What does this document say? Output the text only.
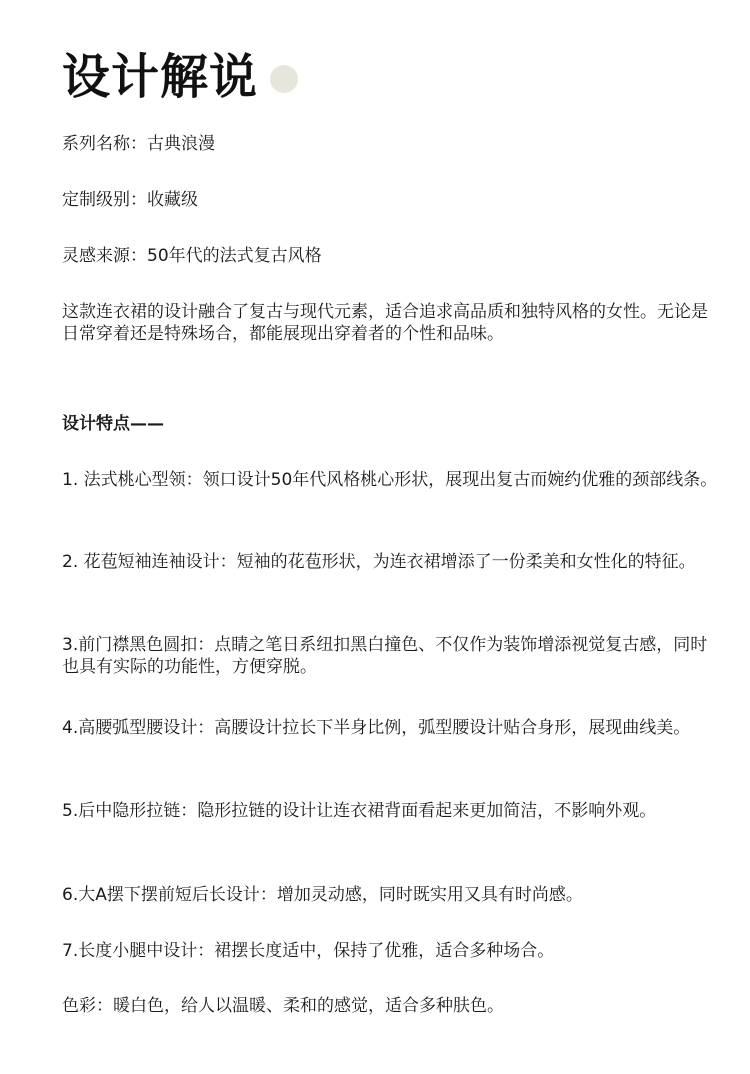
设计解说
系列名称：古典浪漫
定制级别：收藏级
灵感来源：50年代的法式复古风格
这款连衣裙的设计融合了复古与现代元素，适合追求高品质和独特风格的女性。无论是日常穿着还是特殊场合，都能展现出穿着者的个性和品味。
设计特点——
1. 法式桃心型领：领口设计50年代风格桃心形状，展现出复古而婉约优雅的颈部线条。
2. 花苞短袖连袖设计：短袖的花苞形状，为连衣裙增添了一份柔美和女性化的特征。
3.前门襟黑色圆扣：点睛之笔日系纽扣黑白撞色、不仅作为装饰增添视觉复古感，同时也具有实际的功能性，方便穿脱。
4.高腰弧型腰设计：高腰设计拉长下半身比例，弧型腰设计贴合身形，展现曲线美。
5.后中隐形拉链：隐形拉链的设计让连衣裙背面看起来更加简洁，不影响外观。
6.大A摆下摆前短后长设计：增加灵动感，同时既实用又具有时尚感。
7.长度小腿中设计：裙摆长度适中，保持了优雅，适合多种场合。
色彩：暖白色，给人以温暖、柔和的感觉，适合多种肤色。
